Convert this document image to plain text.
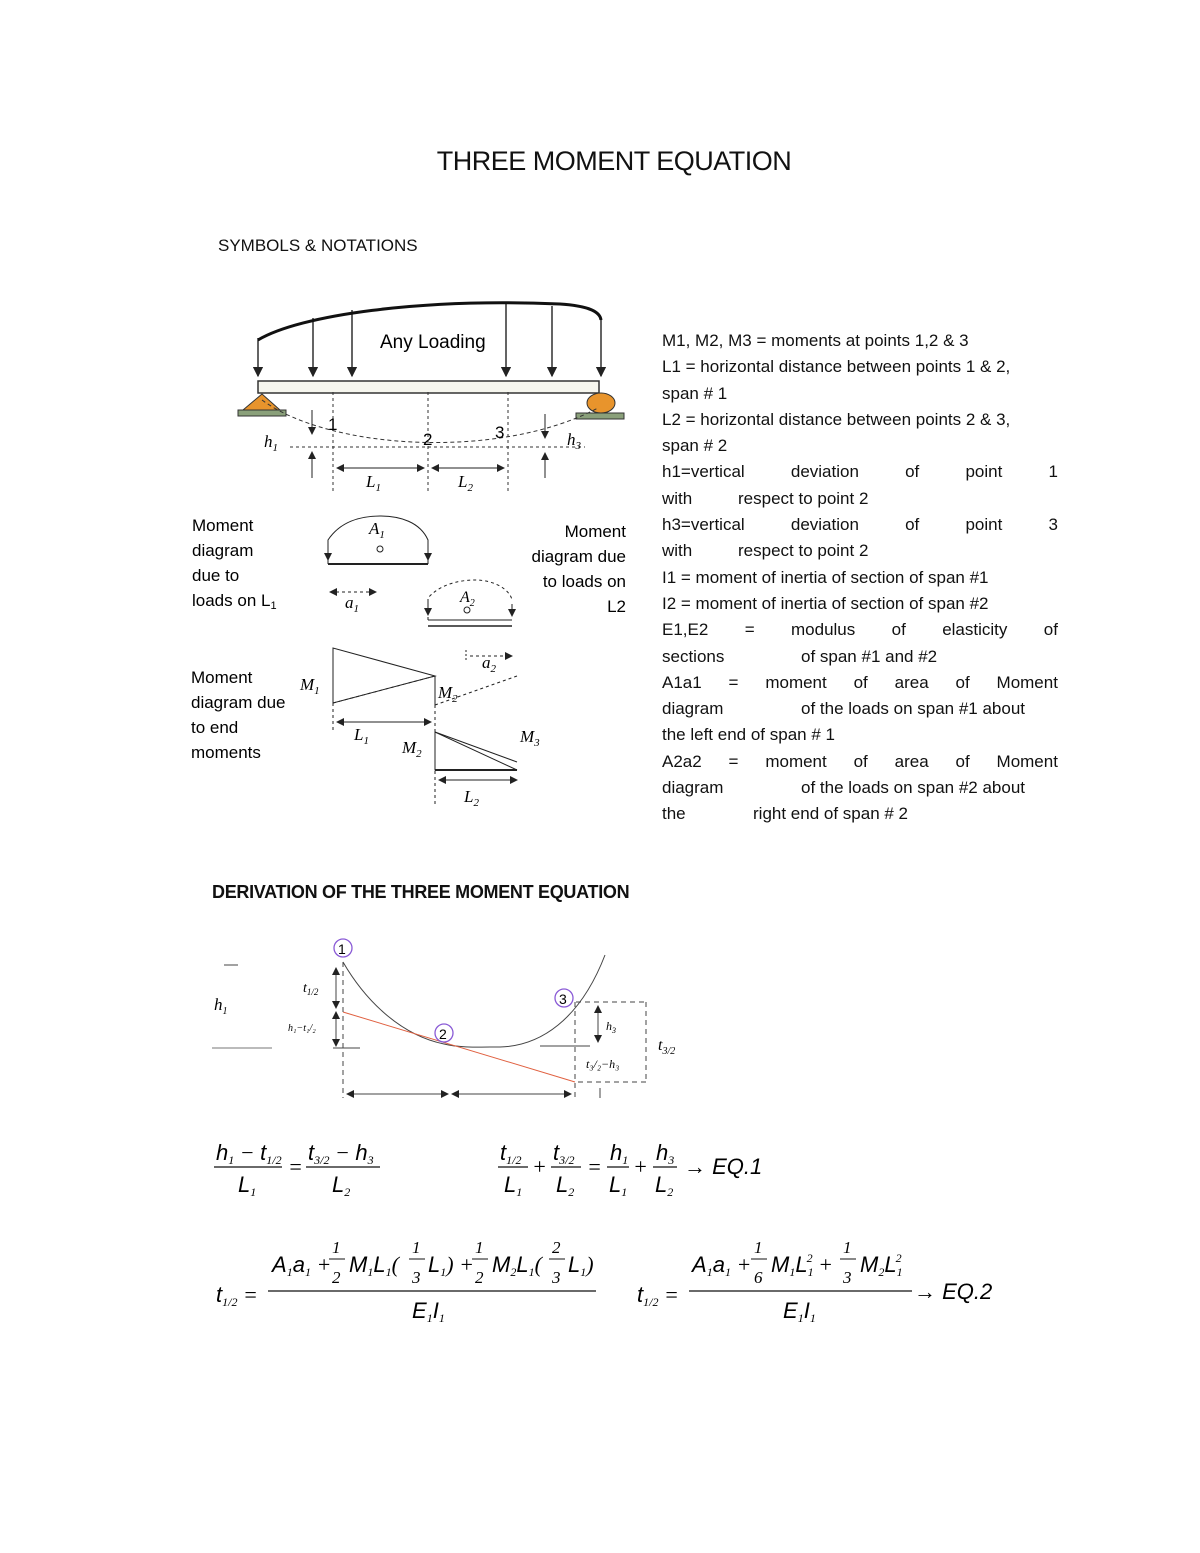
THREE MOMENT EQUATION
SYMBOLS & NOTATIONS
Any Loading
1
2	3
$h_1$	$h_3$
$L_1$	$L_2$
$A_1$
$a_1$
Moment
diagram
due to
loads on L1	$A_2$
$a_2$
Moment
diagram due
to loads on
L2
$M_1$	$M_2$
$M_2$
$M_3$
$L_1$
$L_2$
Moment
diagram due
to end
moments
M1, M2, M3 = moments at points 1,2 & 3
L1 = horizontal distance between points 1 & 2,
span # 1
L2 = horizontal distance between points 2 & 3,
span # 2
h1=vertical	deviation	of	point	1
with	respect to point 2
h3=vertical	deviation	of	point	3
with	respect to point 2
I1 = moment of inertia of section of span #1
I2 = moment of inertia of section of span #2
E1,E2 = modulus of elasticity of
sections	of span #1 and #2
A1a1 = moment of area of Moment
diagram	of the loads on span #1 about
the left end of span # 1
A2a2 = moment of area of Moment
diagram	of the loads on span #2 about
the	right end of span # 2
DERIVATION OF THE THREE MOMENT EQUATION
1
2
3
$h_1$
$t_{1/2}$
h₁−t₁/₂	$h_3$
t₃/₂−h₃
$t_{3/2}$
h1 − t1/2
L1
=
t3/2 − h3
L2
t1/2
L1
+
t3/2
L2
=
h1
L1
+
h3
L2
→ EQ.1
t1/2 =
A1a1 +
1
2
M1L1(
1
3
L1) +
1
2
M2L1(
2
3
L1)
E1I1
t1/2 =
A1a1 +
1
6
M1L12 +
1
3
M2L12
E1I1
→ EQ.2
